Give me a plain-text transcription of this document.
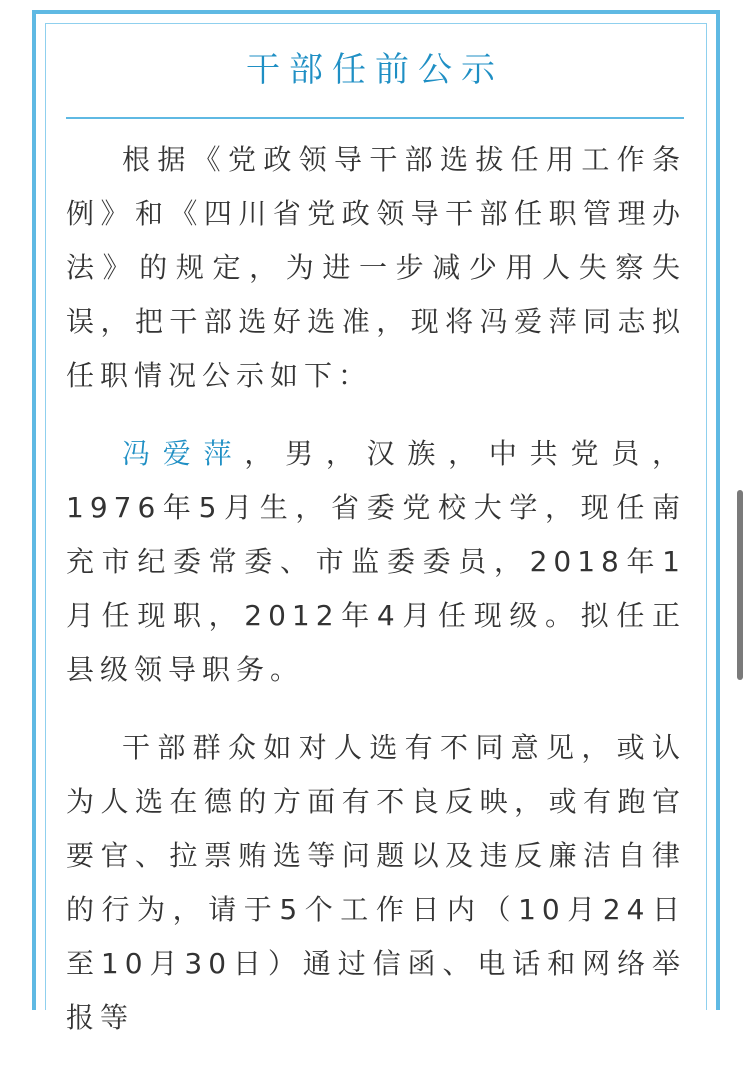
干部任前公示

根据《党政领导干部选拔任用工作条例》和《四川省党政领导干部任职管理办法》的规定，为进一步减少用人失察失误，把干部选好选准，现将冯爱萍同志拟任职情况公示如下：

冯爱萍，男，汉族，中共党员，1976年5月生，省委党校大学，现任南充市纪委常委、市监委委员，2018年1月任现职，2012年4月任现级。拟任正县级领导职务。

干部群众如对人选有不同意见，或认为人选在德的方面有不良反映，或有跑官要官、拉票贿选等问题以及违反廉洁自律的行为，请于5个工作日内（10月24日至10月30日）通过信函、电话和网络举报等
